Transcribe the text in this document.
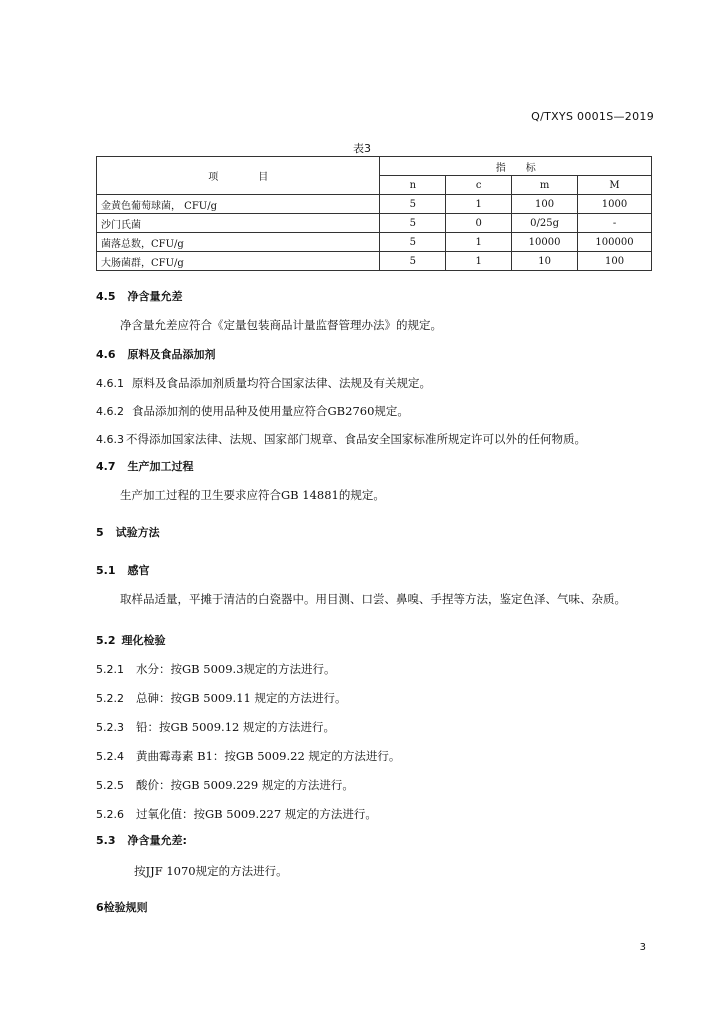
Q/TXYS 0001S—2019
表3
项　　　　目	指　　标			
	n	c	m	M
金黄色葡萄球菌， CFU/g	5	1	100	1000
沙门氏菌	5	0	0/25g	-
菌落总数，CFU/g	5	1	10000	100000
大肠菌群，CFU/g	5	1	10	100
4.5 净含量允差
净含量允差应符合《定量包装商品计量监督管理办法》的规定。
4.6 原料及食品添加剂
4.6.1 原料及食品添加剂质量均符合国家法律、法规及有关规定。
4.6.2 食品添加剂的使用品种及使用量应符合GB2760规定。
4.6.3 不得添加国家法律、法规、国家部门规章、食品安全国家标准所规定许可以外的任何物质。
4.7 生产加工过程
生产加工过程的卫生要求应符合GB 14881的规定。
5 试验方法
5.1 感官
取样品适量，平摊于清洁的白瓷器中。用目测、口尝、鼻嗅、手捏等方法，鉴定色泽、气味、杂质。
5.2 理化检验
5.2.1 水分：按GB 5009.3规定的方法进行。
5.2.2 总砷：按GB 5009.11 规定的方法进行。
5.2.3 铅：按GB 5009.12 规定的方法进行。
5.2.4 黄曲霉毒素 B1：按GB 5009.22 规定的方法进行。
5.2.5 酸价：按GB 5009.229 规定的方法进行。
5.2.6 过氧化值：按GB 5009.227 规定的方法进行。
5.3 净含量允差:
按JJF 1070规定的方法进行。
6检验规则
3
